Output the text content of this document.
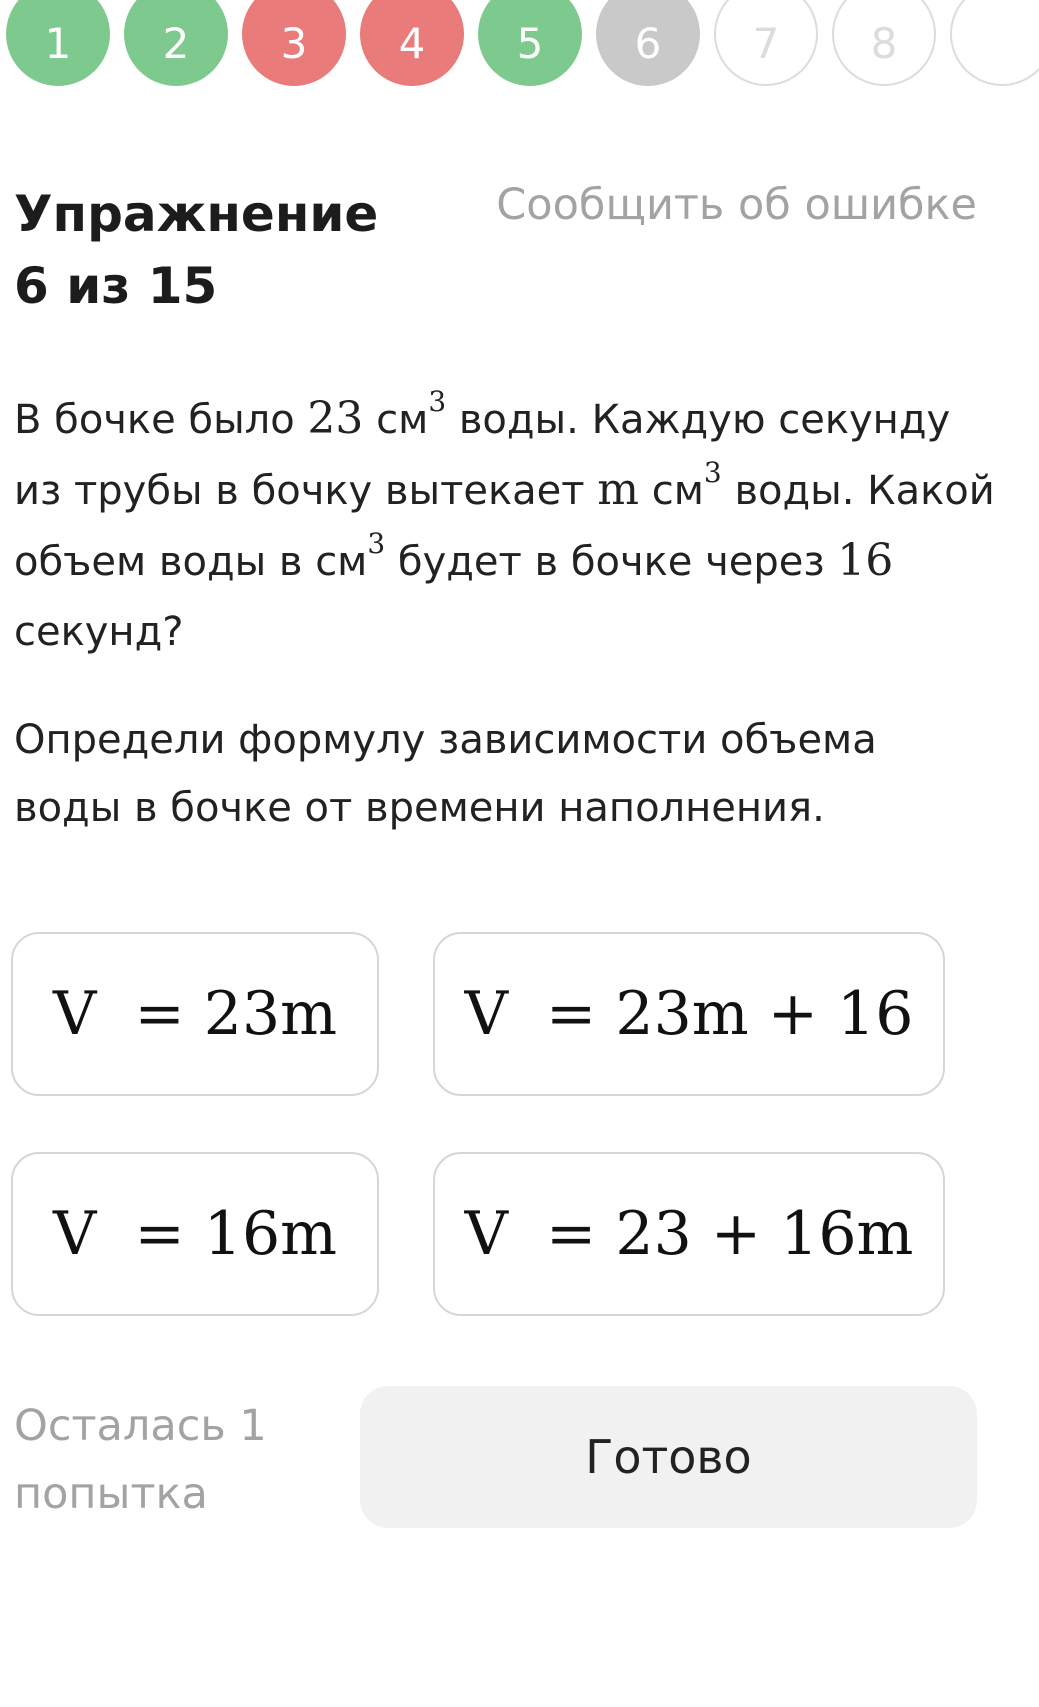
1	2	3	4	5	6	7	8
Упражнение
6 из 15
Сообщить об ошибке
В бочке было 23 $см^3$ воды. Каждую секунду
из трубы в бочку вытекает m $см^3$ воды. Какой
объем воды в $см^3$ будет в бочке через 16
секунд?
Определи формулу зависимости объема
воды в бочке от времени наполнения.
V  = 23m	V  = 23m + 16
V  = 16m	V  = 23 + 16m
Осталась 1
попытка
Готово
